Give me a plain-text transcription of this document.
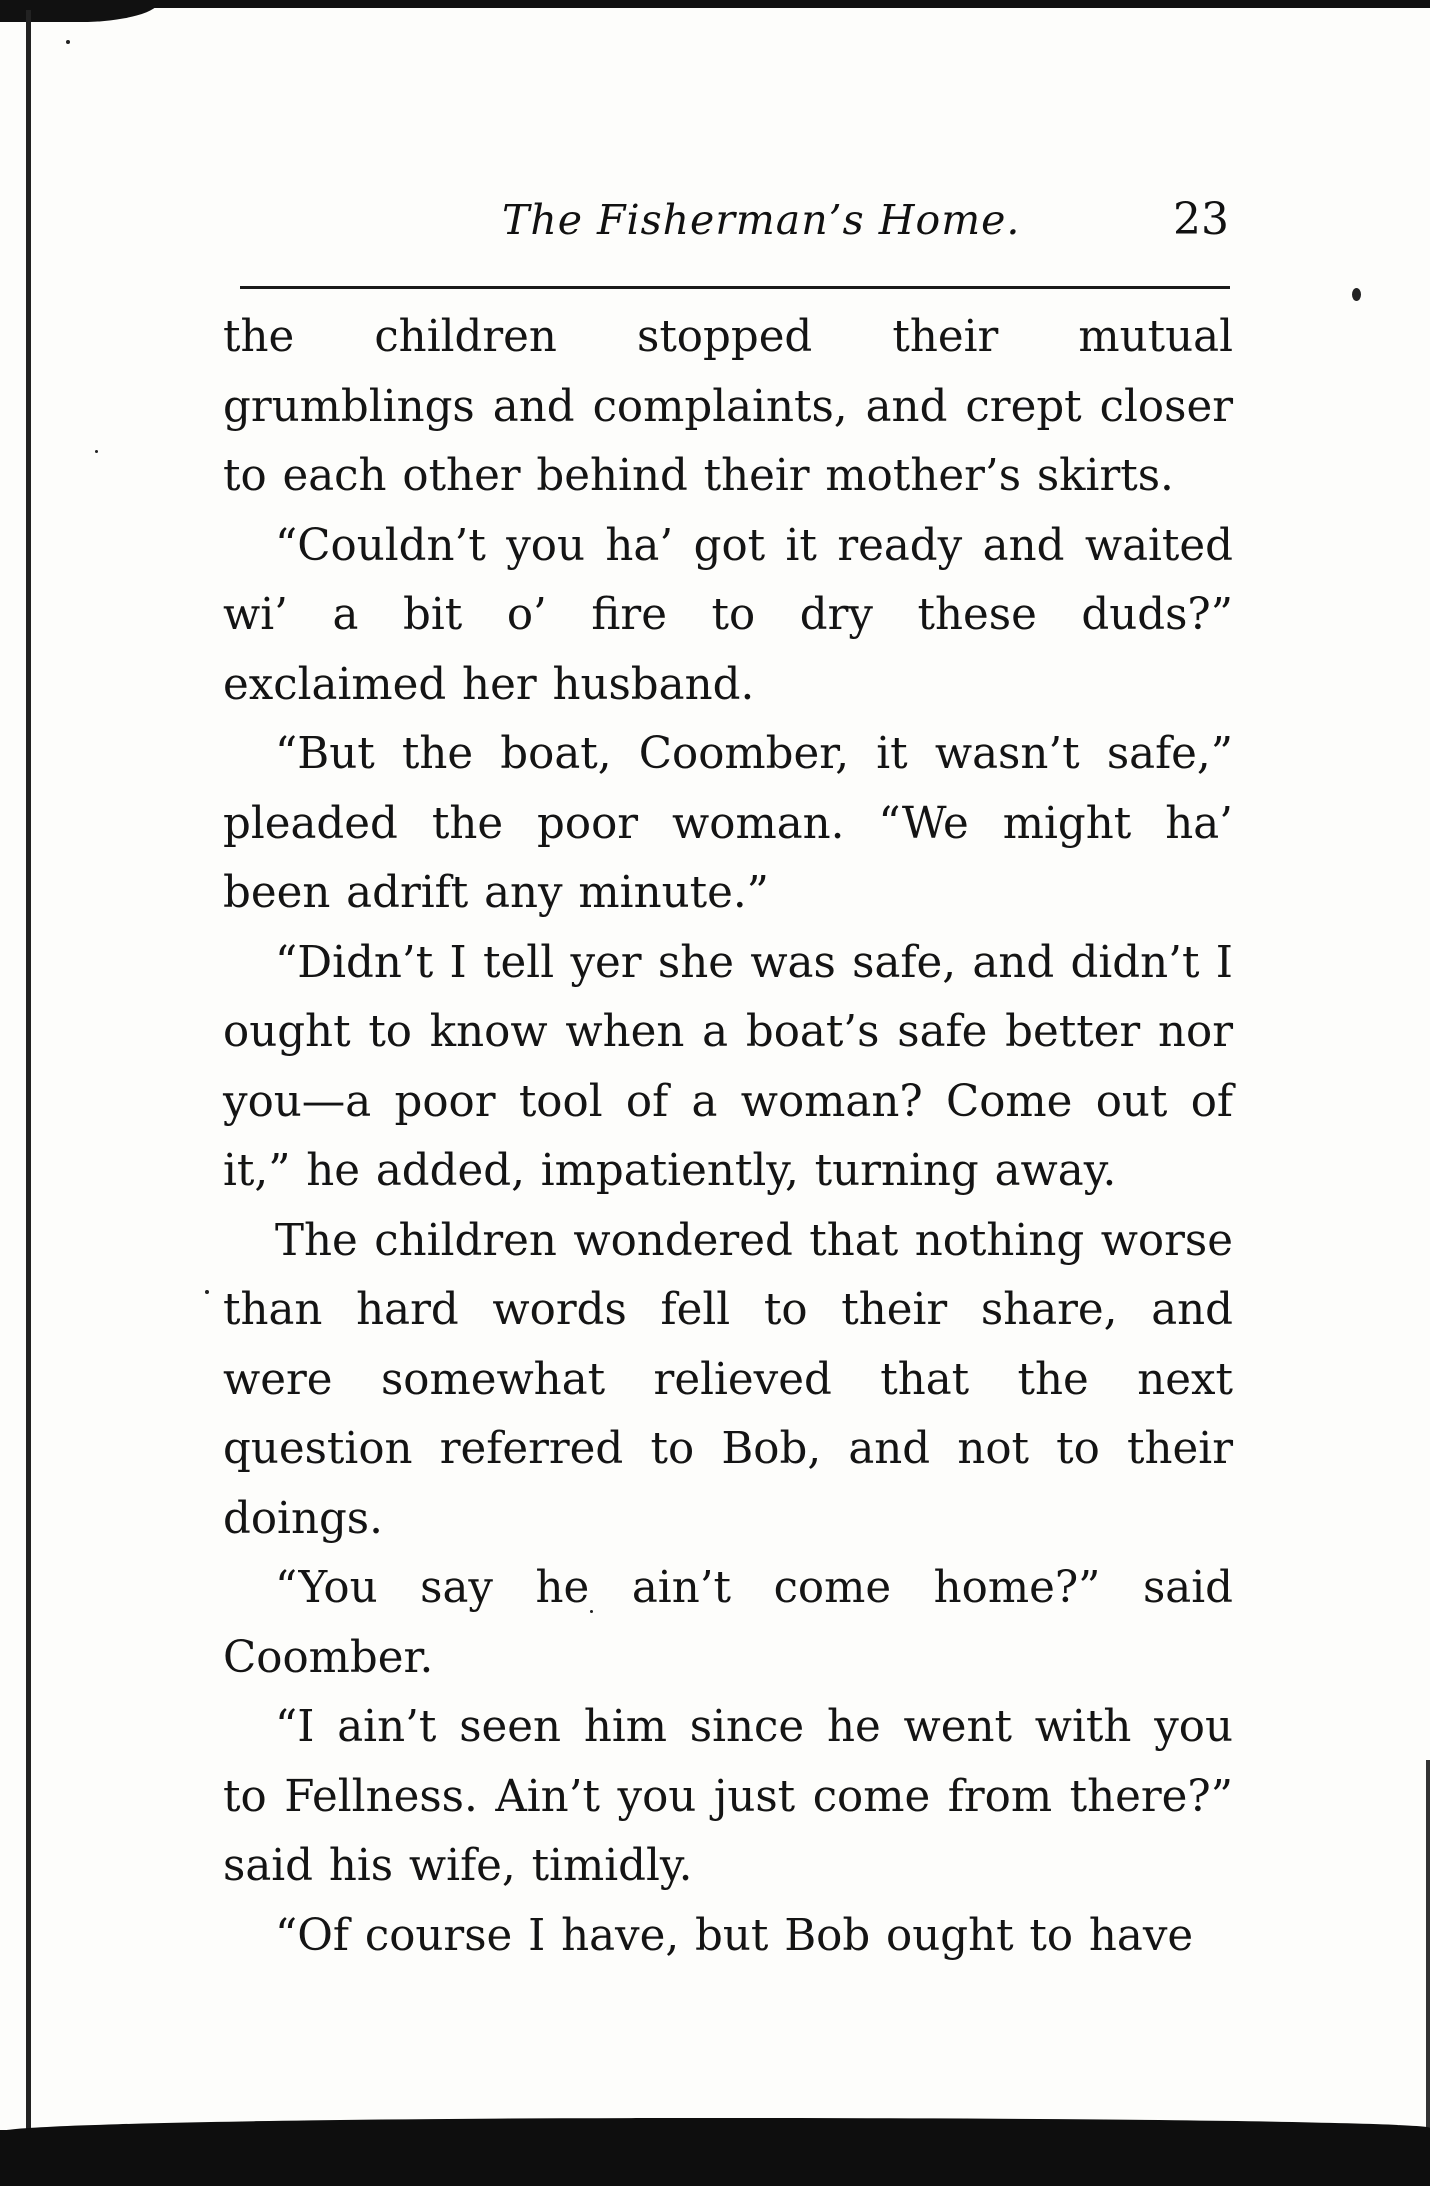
The Fisherman’s Home.	23

the children stopped their mutual grumblings and complaints, and crept closer to each other behind their mother’s skirts.

“Couldn’t you ha’ got it ready and waited wi’ a bit o’ fire to dry these duds?” exclaimed her husband.

“But the boat, Coomber, it wasn’t safe,” pleaded the poor woman. “We might ha’ been adrift any minute.”

“Didn’t I tell yer she was safe, and didn’t I ought to know when a boat’s safe better nor you—a poor tool of a woman? Come out of it,” he added, impatiently, turning away.

The children wondered that nothing worse than hard words fell to their share, and were somewhat relieved that the next question referred to Bob, and not to their doings.

“You say he ain’t come home?” said Coomber.

“I ain’t seen him since he went with you to Fellness. Ain’t you just come from there?” said his wife, timidly.

“Of course I have, but Bob ought to have
